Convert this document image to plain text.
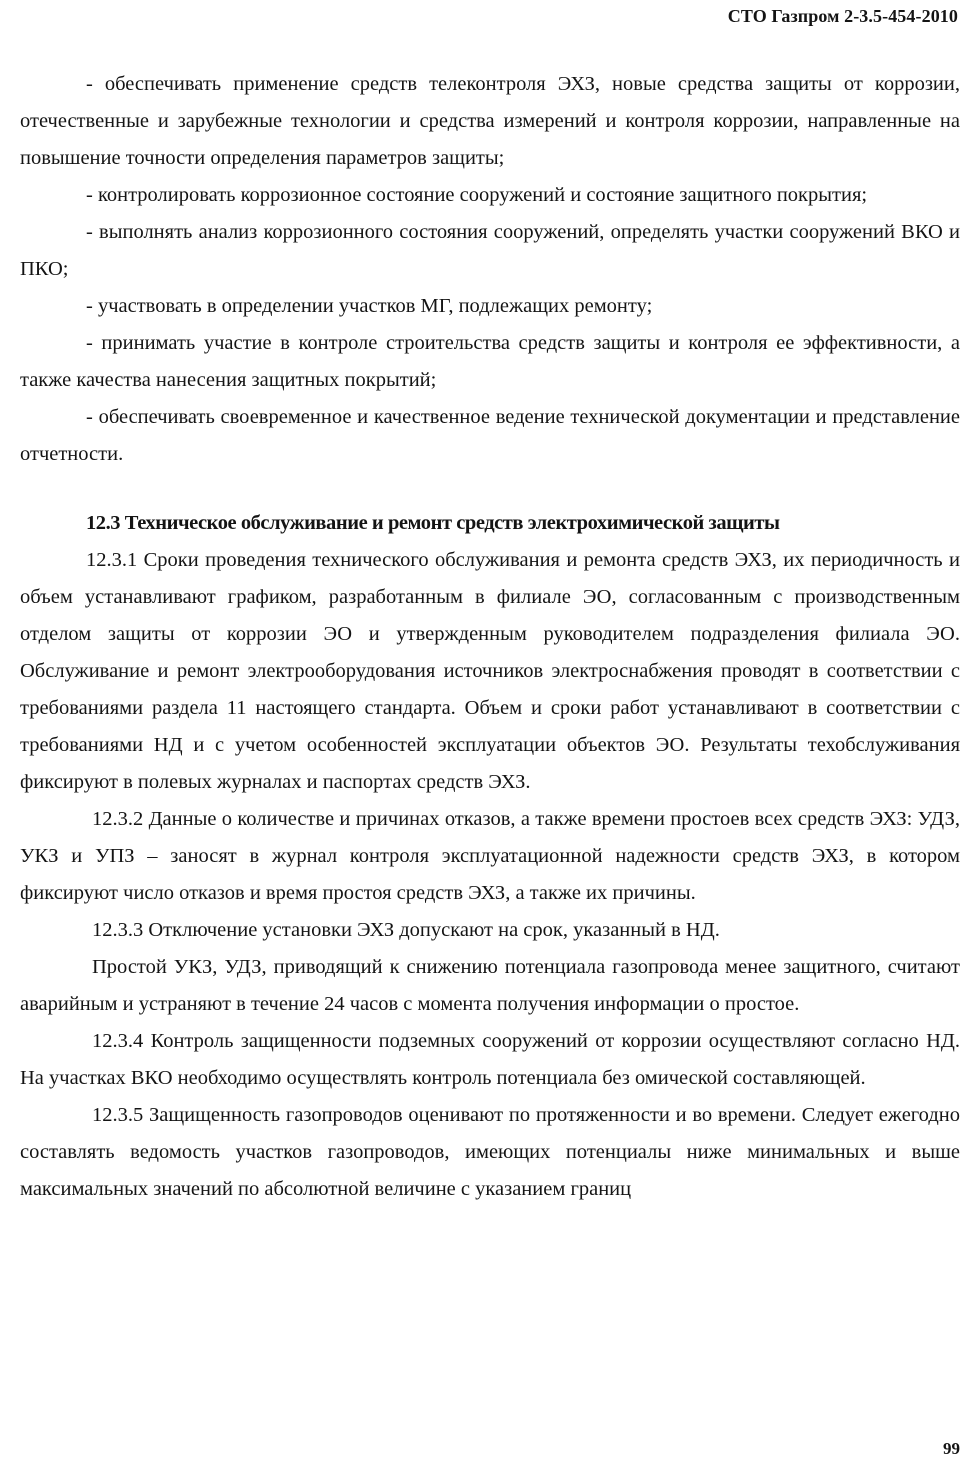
СТО Газпром 2-3.5-454-2010

- обеспечивать применение средств телеконтроля ЭХЗ, новые средства защиты от коррозии, отечественные и зарубежные технологии и средства измерений и контроля коррозии, направленные на повышение точности определения параметров защиты;

- контролировать коррозионное состояние сооружений и состояние защитного покрытия;

- выполнять анализ коррозионного состояния сооружений, определять участки сооружений ВКО и ПКО;

- участвовать в определении участков МГ, подлежащих ремонту;

- принимать участие в контроле строительства средств защиты и контроля ее эффективности, а также качества нанесения защитных покрытий;

- обеспечивать своевременное и качественное ведение технической документации и представление отчетности.

12.3 Техническое обслуживание и ремонт средств электрохимической защиты

12.3.1 Сроки проведения технического обслуживания и ремонта средств ЭХЗ, их периодичность и объем устанавливают графиком, разработанным в филиале ЭО, согласованным с производственным отделом защиты от коррозии ЭО и утвержденным руководителем подразделения филиала ЭО. Обслуживание и ремонт электрооборудования источников электроснабжения проводят в соответствии с требованиями раздела 11 настоящего стандарта. Объем и сроки работ устанавливают в соответствии с требованиями НД и с учетом особенностей эксплуатации объектов ЭО. Результаты техобслуживания фиксируют в полевых журналах и паспортах средств ЭХЗ.

12.3.2 Данные о количестве и причинах отказов, а также времени простоев всех средств ЭХЗ: УДЗ, УКЗ и УПЗ – заносят в журнал контроля эксплуатационной надежности средств ЭХЗ, в котором фиксируют число отказов и время простоя средств ЭХЗ, а также их причины.

12.3.3 Отключение установки ЭХЗ допускают на срок, указанный в НД.

Простой УКЗ, УДЗ, приводящий к снижению потенциала газопровода менее защитного, считают аварийным и устраняют в течение 24 часов с момента получения информации о простое.

12.3.4 Контроль защищенности подземных сооружений от коррозии осуществляют согласно НД. На участках ВКО необходимо осуществлять контроль потенциала без омической составляющей.

12.3.5 Защищенность газопроводов оценивают по протяженности и во времени. Следует ежегодно составлять ведомость участков газопроводов, имеющих потенциалы ниже минимальных и выше максимальных значений по абсолютной величине с указанием границ

99
